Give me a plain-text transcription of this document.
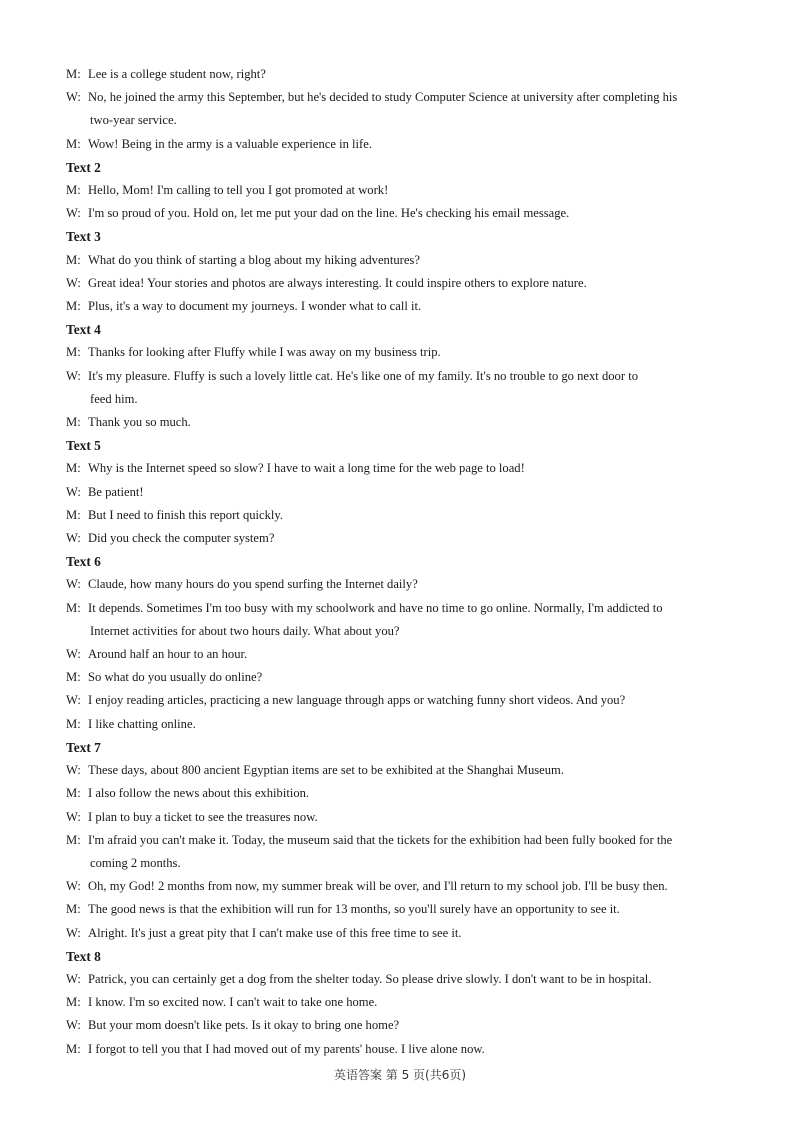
M: Lee is a college student now, right?
W: No, he joined the army this September, but he's decided to study Computer Science at university after completing his
two-year service.
M: Wow! Being in the army is a valuable experience in life.
Text 2
M: Hello, Mom! I'm calling to tell you I got promoted at work!
W: I'm so proud of you. Hold on, let me put your dad on the line. He's checking his email message.
Text 3
M: What do you think of starting a blog about my hiking adventures?
W: Great idea! Your stories and photos are always interesting. It could inspire others to explore nature.
M: Plus, it's a way to document my journeys. I wonder what to call it.
Text 4
M: Thanks for looking after Fluffy while I was away on my business trip.
W: It's my pleasure. Fluffy is such a lovely little cat. He's like one of my family. It's no trouble to go next door to
feed him.
M: Thank you so much.
Text 5
M: Why is the Internet speed so slow? I have to wait a long time for the web page to load!
W: Be patient!
M: But I need to finish this report quickly.
W: Did you check the computer system?
Text 6
W: Claude, how many hours do you spend surfing the Internet daily?
M: It depends. Sometimes I'm too busy with my schoolwork and have no time to go online. Normally, I'm addicted to
Internet activities for about two hours daily. What about you?
W: Around half an hour to an hour.
M: So what do you usually do online?
W: I enjoy reading articles, practicing a new language through apps or watching funny short videos. And you?
M: I like chatting online.
Text 7
W: These days, about 800 ancient Egyptian items are set to be exhibited at the Shanghai Museum.
M: I also follow the news about this exhibition.
W: I plan to buy a ticket to see the treasures now.
M: I'm afraid you can't make it. Today, the museum said that the tickets for the exhibition had been fully booked for the
coming 2 months.
W: Oh, my God! 2 months from now, my summer break will be over, and I'll return to my school job. I'll be busy then.
M: The good news is that the exhibition will run for 13 months, so you'll surely have an opportunity to see it.
W: Alright. It's just a great pity that I can't make use of this free time to see it.
Text 8
W: Patrick, you can certainly get a dog from the shelter today. So please drive slowly. I don't want to be in hospital.
M: I know. I'm so excited now. I can't wait to take one home.
W: But your mom doesn't like pets. Is it okay to bring one home?
M: I forgot to tell you that I had moved out of my parents' house. I live alone now.
英语答案 第 5 页(共6页)
